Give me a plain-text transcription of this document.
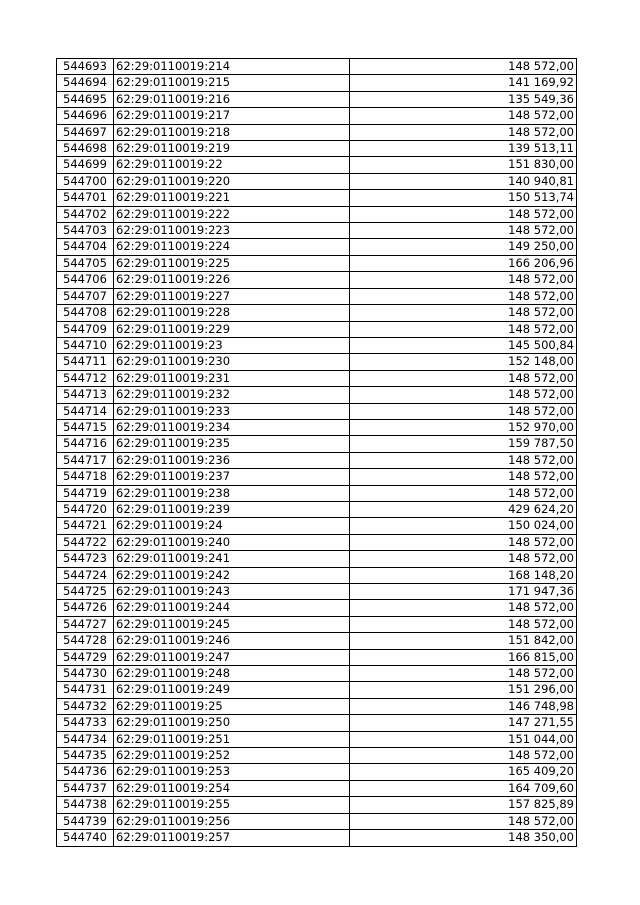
544693	62:29:0110019:214	148 572,00
544694	62:29:0110019:215	141 169,92
544695	62:29:0110019:216	135 549,36
544696	62:29:0110019:217	148 572,00
544697	62:29:0110019:218	148 572,00
544698	62:29:0110019:219	139 513,11
544699	62:29:0110019:22	151 830,00
544700	62:29:0110019:220	140 940,81
544701	62:29:0110019:221	150 513,74
544702	62:29:0110019:222	148 572,00
544703	62:29:0110019:223	148 572,00
544704	62:29:0110019:224	149 250,00
544705	62:29:0110019:225	166 206,96
544706	62:29:0110019:226	148 572,00
544707	62:29:0110019:227	148 572,00
544708	62:29:0110019:228	148 572,00
544709	62:29:0110019:229	148 572,00
544710	62:29:0110019:23	145 500,84
544711	62:29:0110019:230	152 148,00
544712	62:29:0110019:231	148 572,00
544713	62:29:0110019:232	148 572,00
544714	62:29:0110019:233	148 572,00
544715	62:29:0110019:234	152 970,00
544716	62:29:0110019:235	159 787,50
544717	62:29:0110019:236	148 572,00
544718	62:29:0110019:237	148 572,00
544719	62:29:0110019:238	148 572,00
544720	62:29:0110019:239	429 624,20
544721	62:29:0110019:24	150 024,00
544722	62:29:0110019:240	148 572,00
544723	62:29:0110019:241	148 572,00
544724	62:29:0110019:242	168 148,20
544725	62:29:0110019:243	171 947,36
544726	62:29:0110019:244	148 572,00
544727	62:29:0110019:245	148 572,00
544728	62:29:0110019:246	151 842,00
544729	62:29:0110019:247	166 815,00
544730	62:29:0110019:248	148 572,00
544731	62:29:0110019:249	151 296,00
544732	62:29:0110019:25	146 748,98
544733	62:29:0110019:250	147 271,55
544734	62:29:0110019:251	151 044,00
544735	62:29:0110019:252	148 572,00
544736	62:29:0110019:253	165 409,20
544737	62:29:0110019:254	164 709,60
544738	62:29:0110019:255	157 825,89
544739	62:29:0110019:256	148 572,00
544740	62:29:0110019:257	148 350,00
